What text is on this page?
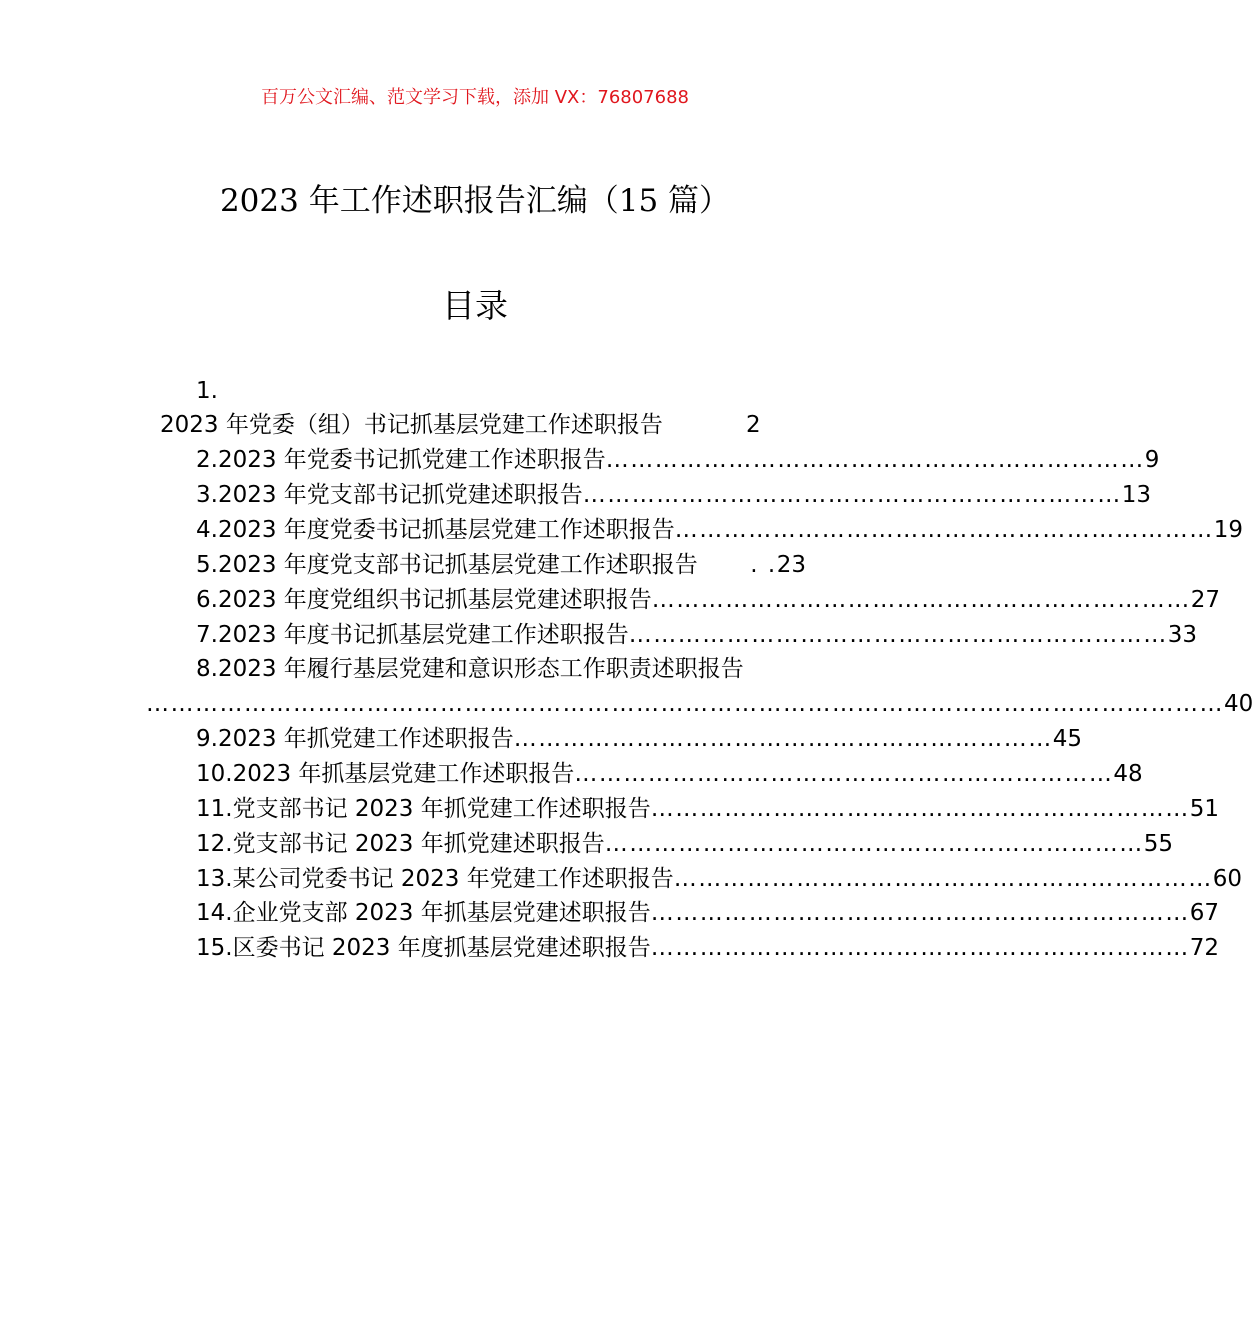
百万公文汇编、范文学习下载，添加 VX：76807688
2023 年工作述职报告汇编（15 篇）
目录
1.
2023 年党委（组）书记抓基层党建工作述职报告	2
2.2023 年党委书记抓党建工作述职报告 ………………………………………………………… 9
3.2023 年党支部书记抓党建述职报告 ………………………………………………………… 13
4.2023 年度党委书记抓基层党建工作述职报告 ………………………………………………………… 19
5.2023 年度党支部书记抓基层党建工作述职报告	. . 23
6.2023 年度党组织书记抓基层党建述职报告 ………………………………………………………… 27
7.2023 年度书记抓基层党建工作述职报告 ………………………………………………………… 33
8.2023 年履行基层党建和意识形态工作职责述职报告
…………………………………………………………………………………………………………………… 40
9.2023 年抓党建工作述职报告 ………………………………………………………… 45
10.2023 年抓基层党建工作述职报告 ………………………………………………………… 48
11.党支部书记 2023 年抓党建工作述职报告 ………………………………………………………… 51
12.党支部书记 2023 年抓党建述职报告 ………………………………………………………… 55
13.某公司党委书记 2023 年党建工作述职报告 ………………………………………………………… 60
14.企业党支部 2023 年抓基层党建述职报告 ………………………………………………………… 67
15.区委书记 2023 年度抓基层党建述职报告 ………………………………………………………… 72
